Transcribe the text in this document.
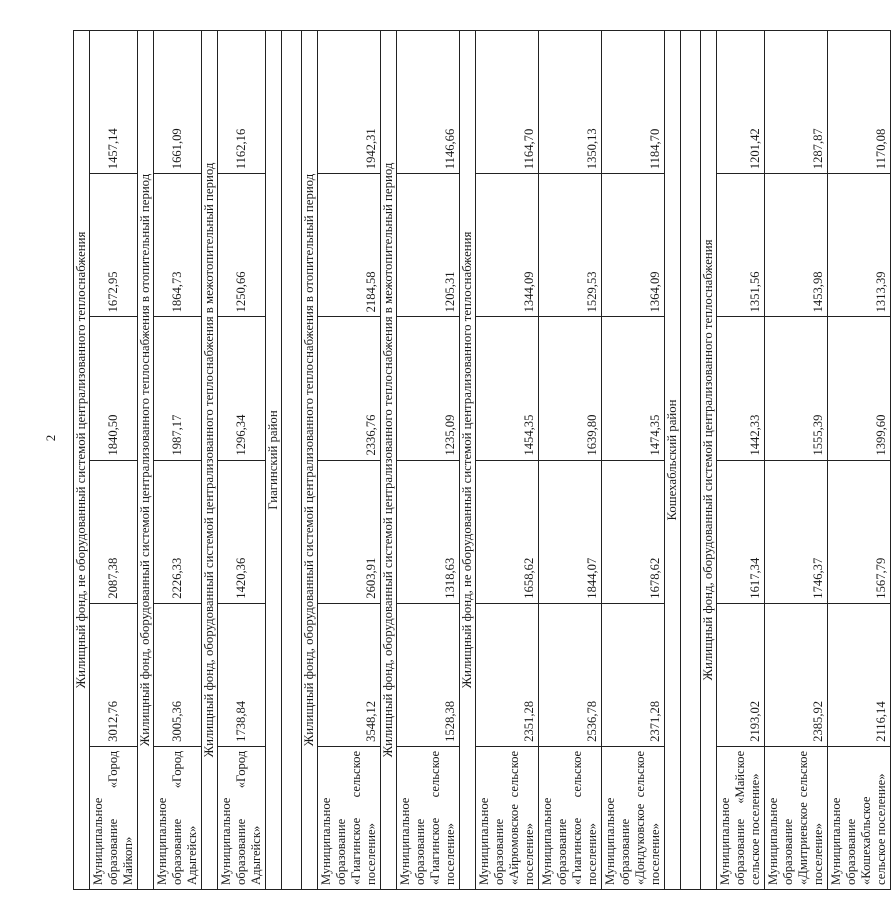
2 Жилищный фонд, не оборудованный системой централизованного теплоснабжения					
Муниципальное образование «Город Майкоп»	3012,76	2087,38	1840,50	1672,95	1457,14
Жилищный фонд, оборудованный системой централизованного теплоснабжения в отопительный период					
Муниципальное образование «Город Адыгейск»	3005,36	2226,33	1987,17	1864,73	1661,09
Жилищный фонд, оборудованный системой централизованного теплоснабжения в межотопительный период					
Муниципальное образование «Город Адыгейск»	1738,84	1420,36	1296,34	1250,66	1162,16
Гиагинский район					

Жилищный фонд, оборудованный системой централизованного теплоснабжения в отопительный период					
Муниципальное образование «Гиагинское сельское поселение»	3548,12	2603,91	2336,76	2184,58	1942,31
Жилищный фонд, оборудованный системой централизованного теплоснабжения в межотопительный период					
Муниципальное образование «Гиагинское сельское поселение»	1528,38	1318,63	1235,09	1205,31	1146,66
Жилищный фонд, не оборудованный системой централизованного теплоснабжения					
Муниципальное образование «Айрюмовское сельское поселение»	2351,28	1658,62	1454,35	1344,09	1164,70
Муниципальное образование «Гиагинское сельское поселение»	2536,78	1844,07	1639,80	1529,53	1350,13
Муниципальное образование «Дондуковское сельское поселение»	2371,28	1678,62	1474,35	1364,09	1184,70
Кошехабльский район					

Жилищный фонд, оборудованный системой централизованного теплоснабжения					
Муниципальное образование «Майское сельское поселение»	2193,02	1617,34	1442,33	1351,56	1201,42
Муниципальное образование «Дмитриевское сельское поселение»	2385,92	1746,37	1555,39	1453,98	1287,87
Муниципальное образование «Кошехабльское сельское поселение»	2116,14	1567,79	1399,60	1313,39	1170,08
